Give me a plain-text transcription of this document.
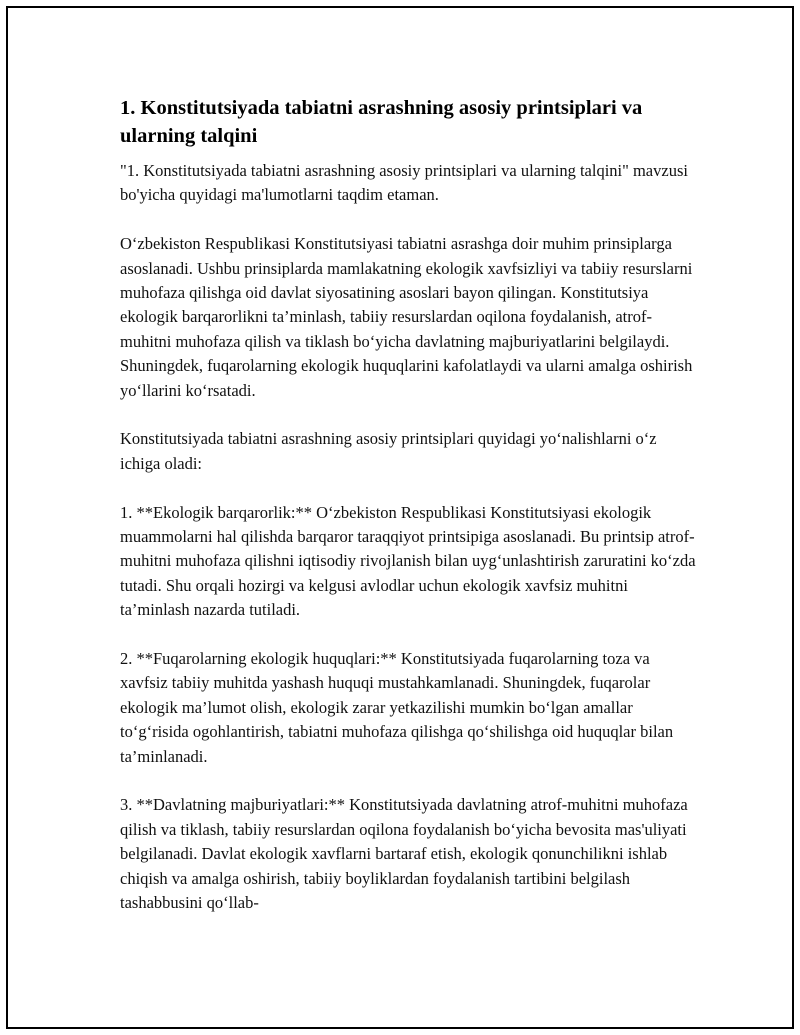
1. Konstitutsiyada tabiatni asrashning asosiy printsiplari va ularning talqini

"1. Konstitutsiyada tabiatni asrashning asosiy printsiplari va ularning talqini" mavzusi bo'yicha quyidagi ma'lumotlarni taqdim etaman.

O‘zbekiston Respublikasi Konstitutsiyasi tabiatni asrashga doir muhim prinsiplarga asoslanadi. Ushbu prinsiplarda mamlakatning ekologik xavfsizliyi va tabiiy resurslarni muhofaza qilishga oid davlat siyosatining asoslari bayon qilingan. Konstitutsiya ekologik barqarorlikni ta’minlash, tabiiy resurslardan oqilona foydalanish, atrof-muhitni muhofaza qilish va tiklash bo‘yicha davlatning majburiyatlarini belgilaydi. Shuningdek, fuqarolarning ekologik huquqlarini kafolatlaydi va ularni amalga oshirish yo‘llarini ko‘rsatadi.

Konstitutsiyada tabiatni asrashning asosiy printsiplari quyidagi yo‘nalishlarni o‘z ichiga oladi:

1. **Ekologik barqarorlik:** O‘zbekiston Respublikasi Konstitutsiyasi ekologik muammolarni hal qilishda barqaror taraqqiyot printsipiga asoslanadi. Bu printsip atrof-muhitni muhofaza qilishni iqtisodiy rivojlanish bilan uyg‘unlashtirish zaruratini ko‘zda tutadi. Shu orqali hozirgi va kelgusi avlodlar uchun ekologik xavfsiz muhitni ta’minlash nazarda tutiladi.

2. **Fuqarolarning ekologik huquqlari:** Konstitutsiyada fuqarolarning toza va xavfsiz tabiiy muhitda yashash huquqi mustahkamlanadi. Shuningdek, fuqarolar ekologik ma’lumot olish, ekologik zarar yetkazilishi mumkin bo‘lgan amallar to‘g‘risida ogohlantirish, tabiatni muhofaza qilishga qo‘shilishga oid huquqlar bilan ta’minlanadi.

3. **Davlatning majburiyatlari:** Konstitutsiyada davlatning atrof-muhitni muhofaza qilish va tiklash, tabiiy resurslardan oqilona foydalanish bo‘yicha bevosita mas'uliyati belgilanadi. Davlat ekologik xavflarni bartaraf etish, ekologik qonunchilikni ishlab chiqish va amalga oshirish, tabiiy boyliklardan foydalanish tartibini belgilash tashabbusini qo‘llab-
